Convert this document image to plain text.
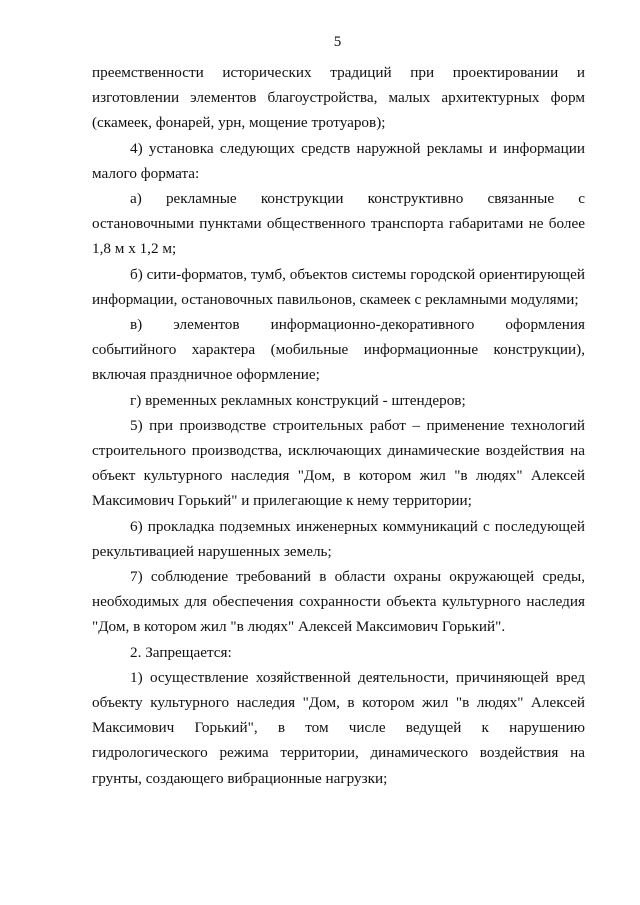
5

преемственности исторических традиций при проектировании и изготовлении элементов благоустройства, малых архитектурных форм (скамеек, фонарей, урн, мощение тротуаров);

4) установка следующих средств наружной рекламы и информации малого формата:

а) рекламные конструкции конструктивно связанные с остановочными пунктами общественного транспорта габаритами не более 1,8 м х 1,2 м;

б) сити-форматов, тумб, объектов системы городской ориентирующей информации, остановочных павильонов, скамеек с рекламными модулями;

в) элементов информационно-декоративного оформления событийного характера (мобильные информационные конструкции), включая праздничное оформление;

г) временных рекламных конструкций - штендеров;

5) при производстве строительных работ – применение технологий строительного производства, исключающих динамические воздействия на объект культурного наследия "Дом, в котором жил "в людях" Алексей Максимович Горький" и прилегающие к нему территории;

6) прокладка подземных инженерных коммуникаций с последующей рекультивацией нарушенных земель;

7) соблюдение требований в области охраны окружающей среды, необходимых для обеспечения сохранности объекта культурного наследия "Дом, в котором жил "в людях" Алексей Максимович Горький".

2. Запрещается:

1) осуществление хозяйственной деятельности, причиняющей вред объекту культурного наследия "Дом, в котором жил "в людях" Алексей Максимович Горький", в том числе ведущей к нарушению гидрологического режима территории, динамического воздействия на грунты, создающего вибрационные нагрузки;
